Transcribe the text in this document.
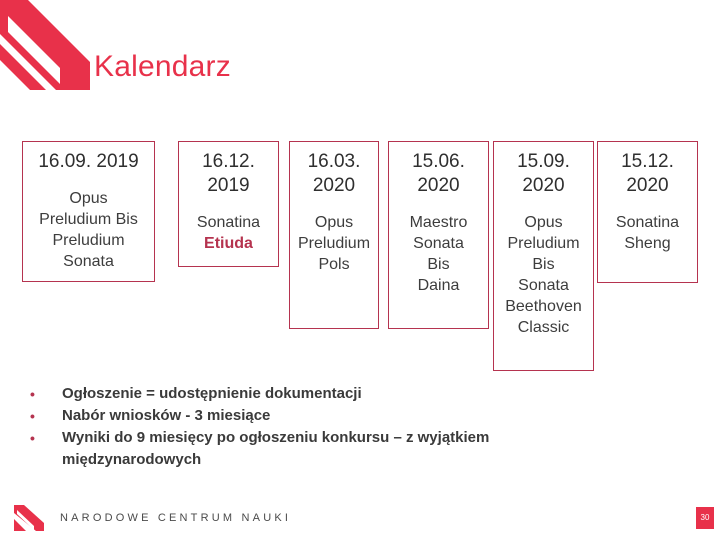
Kalendarz
16.09. 2019
Opus
Preludium Bis
Preludium
Sonata
16.12.
2019
Sonatina
Etiuda
16.03.
2020
Opus
Preludium
Pols
15.06.
2020
Maestro
Sonata
Bis
Daina
15.09.
2020
Opus
Preludium
Bis
Sonata
Beethoven
Classic
15.12.
2020
Sonatina
Sheng
• Ogłoszenie = udostępnienie dokumentacji
• Nabór wniosków - 3 miesiące
• Wyniki do 9 miesięcy po ogłoszeniu konkursu – z wyjątkiem międzynarodowych
NARODOWE CENTRUM NAUKI	30
